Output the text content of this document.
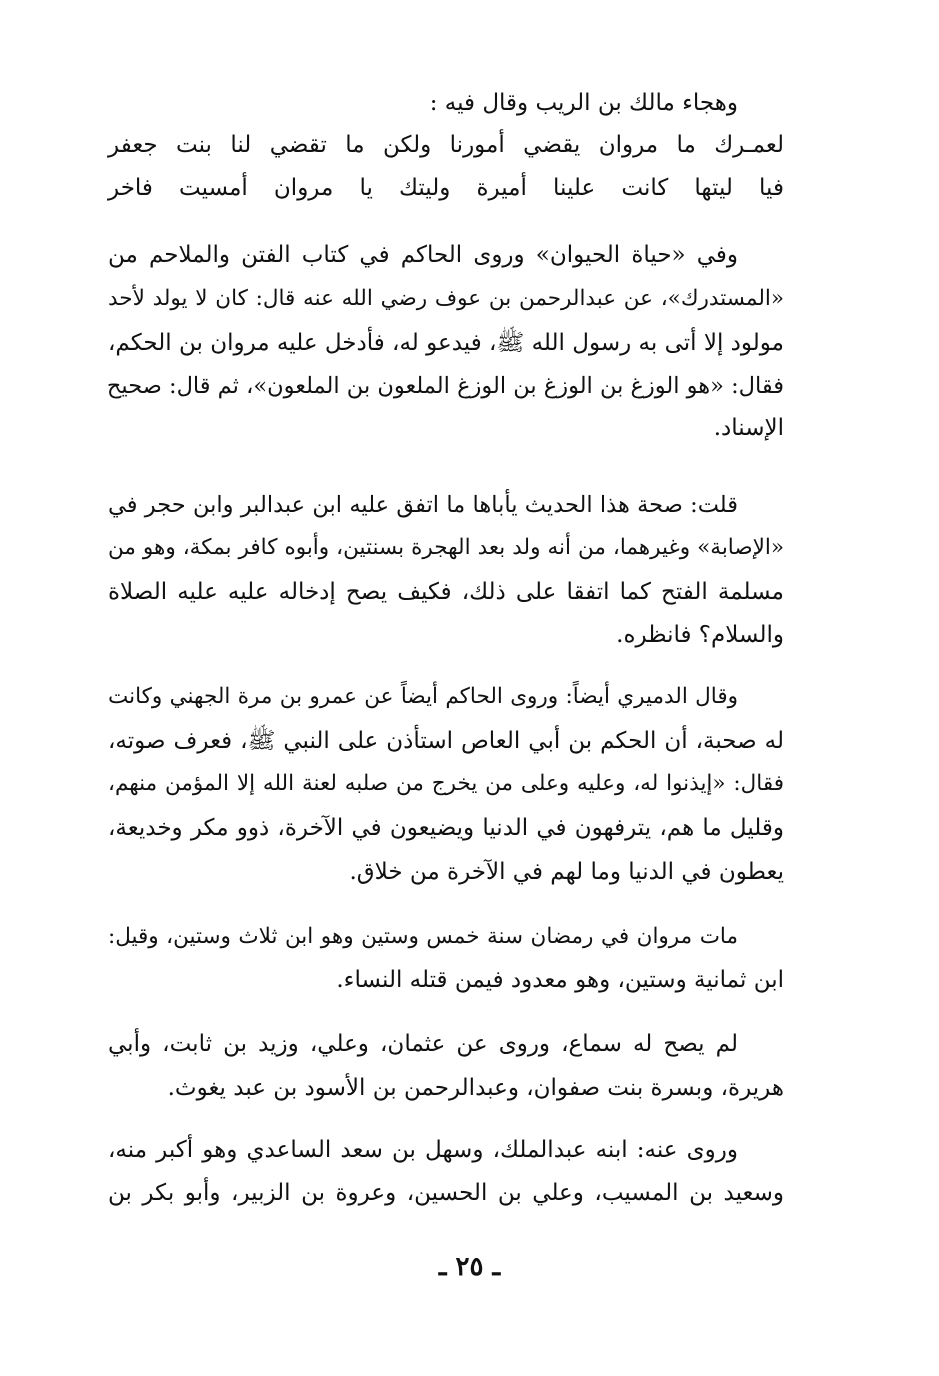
وهجاء مالك بن الريب وقال فيه :
لعمـرك ما مروان يقضي أمورنا ولكن ما تقضي لنا بنت جعفر
فيا ليتها كانت علينا أميرة وليتك يا مروان أمسيت فاخر
وفي «حياة الحيوان» وروى الحاكم في كتاب الفتن والملاحم من
«المستدرك»، عن عبدالرحمن بن عوف رضي الله عنه قال: كان لا يولد لأحد
مولود إلا أتى به رسول الله ﷺ، فيدعو له، فأدخل عليه مروان بن الحكم،
فقال: «هو الوزغ بن الوزغ بن الوزغ الملعون بن الملعون»، ثم قال: صحيح
الإسناد.
قلت: صحة هذا الحديث يأباها ما اتفق عليه ابن عبدالبر وابن حجر في
«الإصابة» وغيرهما، من أنه ولد بعد الهجرة بسنتين، وأبوه كافر بمكة، وهو من
مسلمة الفتح كما اتفقا على ذلك، فكيف يصح إدخاله عليه عليه الصلاة
والسلام؟ فانظره.
وقال الدميري أيضاً: وروى الحاكم أيضاً عن عمرو بن مرة الجهني وكانت
له صحبة، أن الحكم بن أبي العاص استأذن على النبي ﷺ، فعرف صوته،
فقال: «إيذنوا له، وعليه وعلى من يخرج من صلبه لعنة الله إلا المؤمن منهم،
وقليل ما هم، يترفهون في الدنيا ويضيعون في الآخرة، ذوو مكر وخديعة،
يعطون في الدنيا وما لهم في الآخرة من خلاق.
مات مروان في رمضان سنة خمس وستين وهو ابن ثلاث وستين، وقيل:
ابن ثمانية وستين، وهو معدود فيمن قتله النساء.
لم يصح له سماع، وروى عن عثمان، وعلي، وزيد بن ثابت، وأبي
هريرة، وبسرة بنت صفوان، وعبدالرحمن بن الأسود بن عبد يغوث.
وروى عنه: ابنه عبدالملك، وسهل بن سعد الساعدي وهو أكبر منه،
وسعيد بن المسيب، وعلي بن الحسين، وعروة بن الزبير، وأبو بكر بن
ـ ٢٥ ـ
